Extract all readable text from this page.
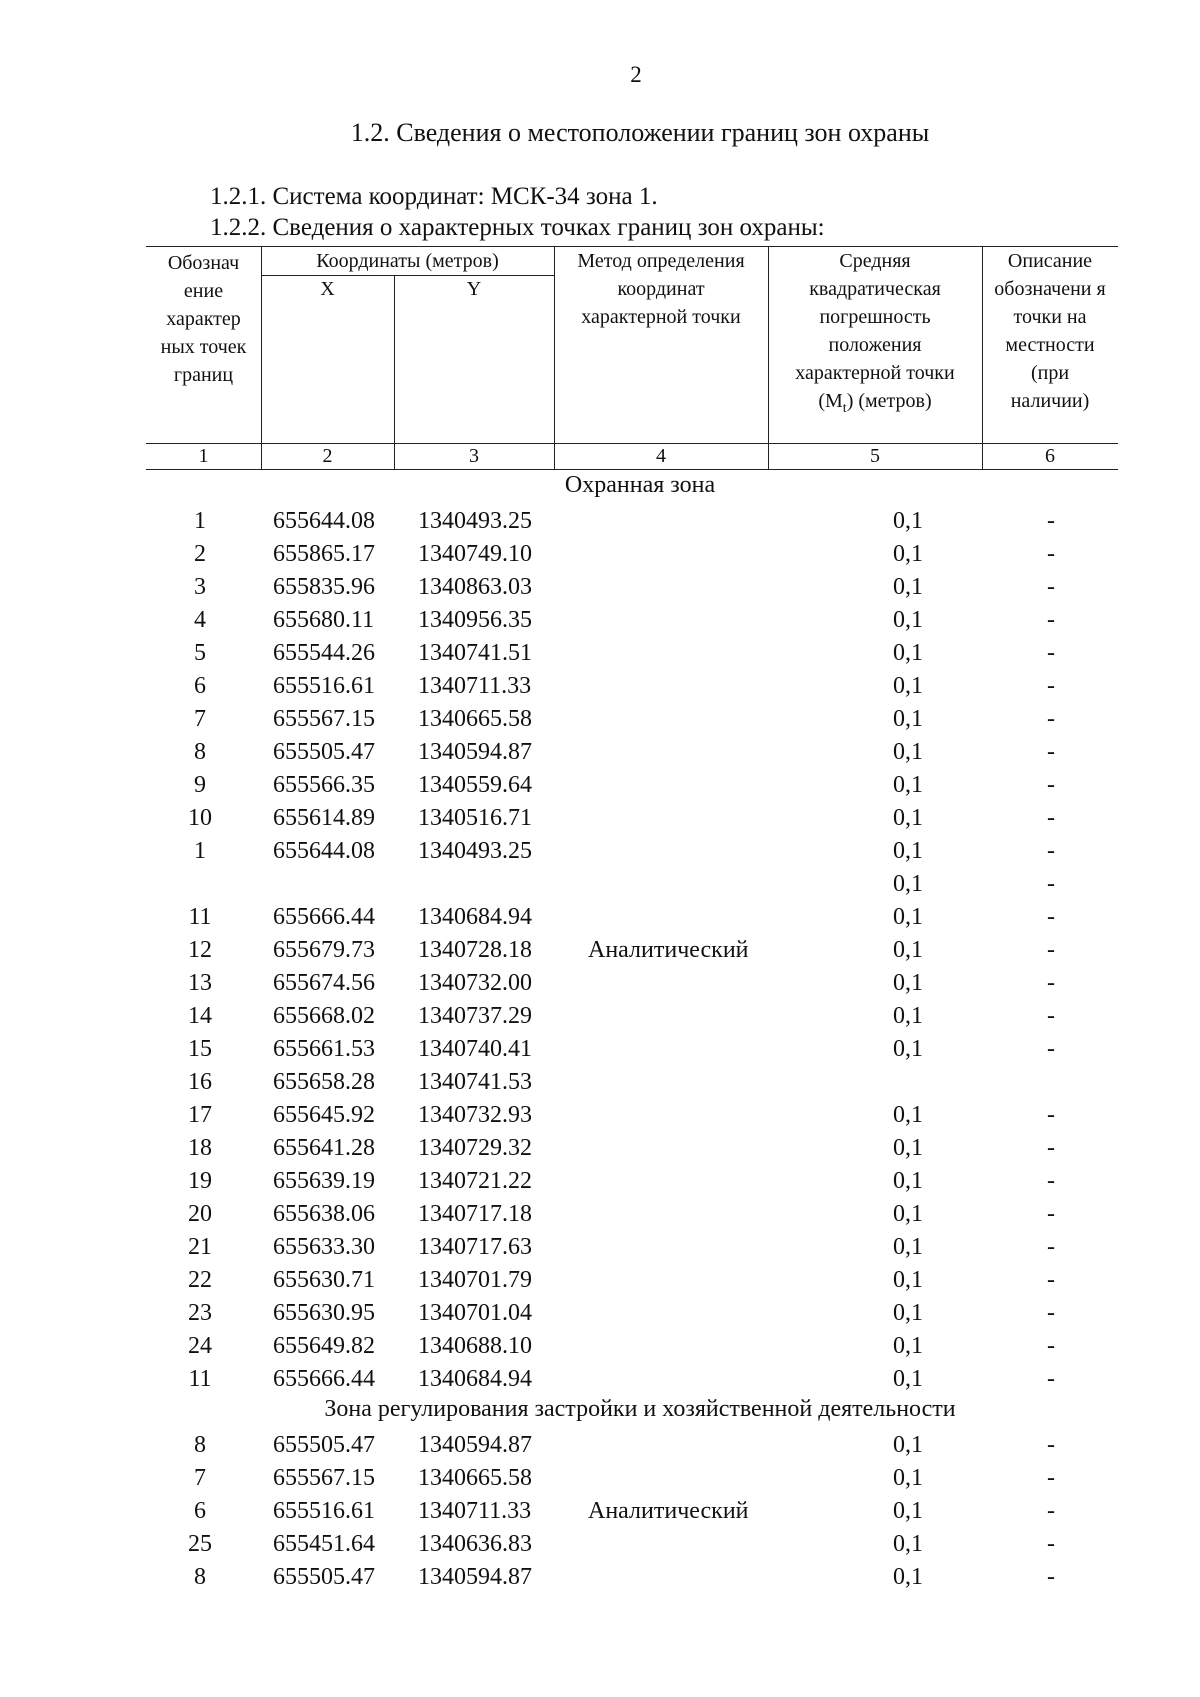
2
1.2. Сведения о местоположении границ зон охраны
1.2.1. Система координат: МСК-34 зона 1.
1.2.2. Сведения о характерных точках границ зон охраны:
Обознач ение характер ных точек границ
Координаты (метров)
X	Y
Метод определения координат характерной точки
Средняя квадратическая погрешность положения характерной точки $(M_t)$ (метров)
Описание обозначени я точки на местности (при наличии)
1	2	3	4	5	6
Охранная зона
1	655644.08 1340493.25	0,1	-
2	655865.17 1340749.10	0,1	-
3	655835.96 1340863.03	0,1	-
4	655680.11 1340956.35	0,1	-
5	655544.26 1340741.51	0,1	-
6	655516.61 1340711.33	0,1	-
7	655567.15 1340665.58	0,1	-
8	655505.47 1340594.87	0,1	-
9	655566.35 1340559.64	0,1	-
10	655614.89 1340516.71	0,1	-
1	655644.08 1340493.25	0,1	-
0,1	-
11	655666.44 1340684.94	0,1	-
12	655679.73 1340728.18 Аналитический	0,1	-
13	655674.56 1340732.00	0,1	-
14	655668.02 1340737.29	0,1	-
15	655661.53 1340740.41	0,1	-
16	655658.28 1340741.53
17	655645.92 1340732.93	0,1	-
18	655641.28 1340729.32	0,1	-
19	655639.19 1340721.22	0,1	-
20	655638.06 1340717.18	0,1	-
21	655633.30 1340717.63	0,1	-
22	655630.71 1340701.79	0,1	-
23	655630.95 1340701.04	0,1	-
24	655649.82 1340688.10	0,1	-
11	655666.44 1340684.94	0,1	-
Зона регулирования застройки и хозяйственной деятельности
8	655505.47 1340594.87	0,1	-
7	655567.15 1340665.58	0,1	-
6	655516.61 1340711.33 Аналитический	0,1	-
25	655451.64 1340636.83	0,1	-
8	655505.47 1340594.87	0,1	-
